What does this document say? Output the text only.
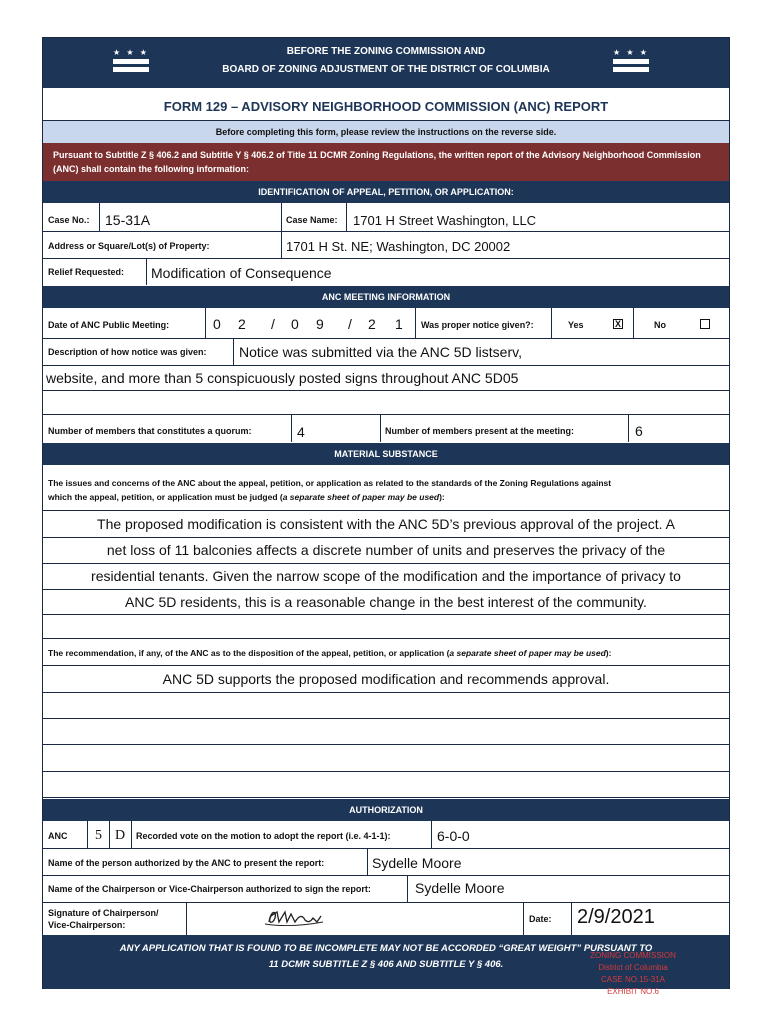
★ ★ ★	BEFORE THE ZONING COMMISSION AND
BOARD OF ZONING ADJUSTMENT OF THE DISTRICT OF COLUMBIA
★ ★ ★
FORM 129 – ADVISORY NEIGHBORHOOD COMMISSION (ANC) REPORT
Before completing this form, please review the instructions on the reverse side.
Pursuant to Subtitle Z § 406.2 and Subtitle Y § 406.2 of Title 11 DCMR Zoning Regulations, the written report of the Advisory Neighborhood Commission (ANC) shall contain the following information:
IDENTIFICATION OF APPEAL, PETITION, OR APPLICATION:
Case No.: 15-31A	Case Name: 1701 H Street Washington, LLC
Address or Square/Lot(s) of Property:	1701 H St. NE; Washington, DC 20002
Relief Requested: Modification of Consequence
ANC MEETING INFORMATION
Date of ANC Public Meeting:	0 2 / 0 9 / 2 1 Was proper notice given?:	Yes	X	No
Description of how notice was given: Notice was submitted via the ANC 5D listserv,
website, and more than 5 conspicuously posted signs throughout ANC 5D05
Number of members that constitutes a quorum:	4	Number of members present at the meeting:	6
MATERIAL SUBSTANCE
The issues and concerns of the ANC about the appeal, petition, or application as related to the standards of the Zoning Regulations against
which the appeal, petition, or application must be judged (a separate sheet of paper may be used):
The proposed modification is consistent with the ANC 5D’s previous approval of the project. A
net loss of 11 balconies affects a discrete number of units and preserves the privacy of the
residential tenants. Given the narrow scope of the modification and the importance of privacy to
ANC 5D residents, this is a reasonable change in the best interest of the community.
The recommendation, if any, of the ANC as to the disposition of the appeal, petition, or application (a separate sheet of paper may be used):
ANC 5D supports the proposed modification and recommends approval.
AUTHORIZATION
ANC 5 D Recorded vote on the motion to adopt the report (i.e. 4-1-1):	6-0-0
Name of the person authorized by the ANC to present the report:	Sydelle Moore
Name of the Chairperson or Vice-Chairperson authorized to sign the report:	Sydelle Moore
Signature of Chairperson/
Vice-Chairperson:
Date: 2/9/2021
ANY APPLICATION THAT IS FOUND TO BE INCOMPLETE MAY NOT BE ACCORDED “GREAT WEIGHT” PURSUANT TO
11 DCMR SUBTITLE Z § 406 AND SUBTITLE Y § 406.
ZONING COMMISSION
District of Columbia
CASE NO.15-31A
EXHIBIT NO.6
